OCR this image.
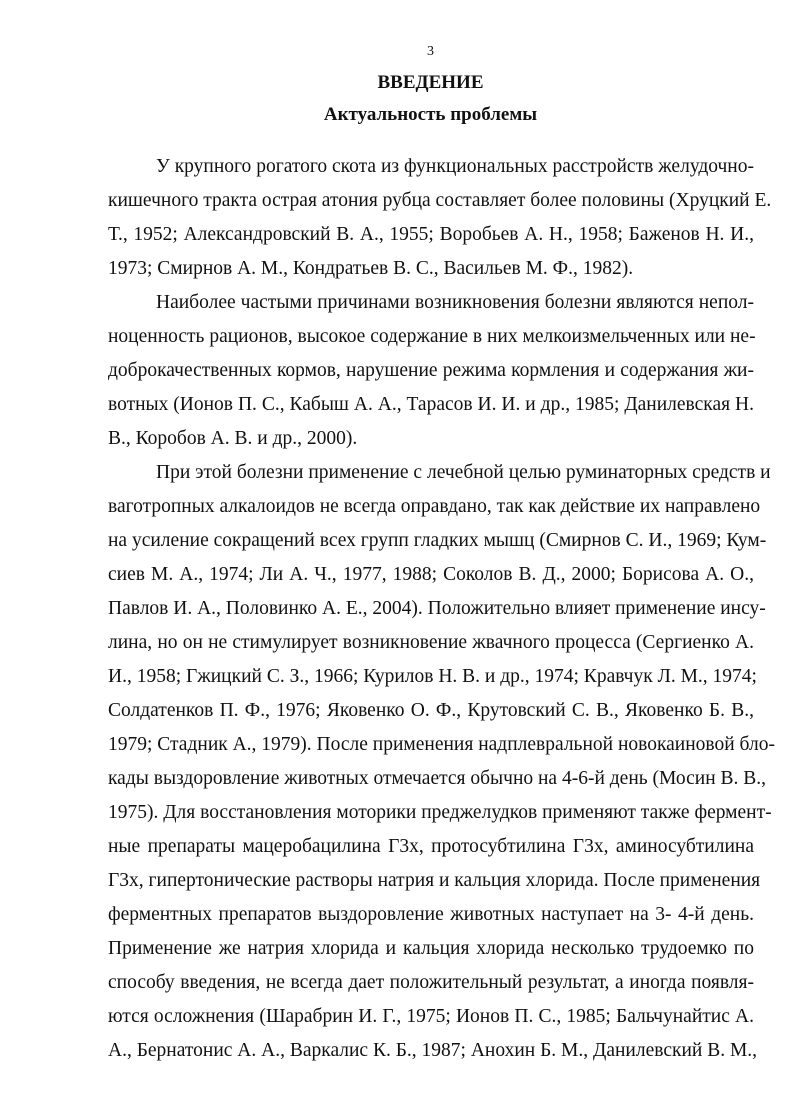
3
ВВЕДЕНИЕ
Актуальность проблемы
У крупного рогатого скота из функциональных расстройств желудочно-
кишечного тракта острая атония рубца составляет более половины (Хруцкий Е.
Т., 1952; Александровский В. А., 1955; Воробьев А. Н., 1958; Баженов Н. И.,
1973; Смирнов А. М., Кондратьев В. С., Васильев М. Ф., 1982).
Наиболее частыми причинами возникновения болезни являются непол-
ноценность рационов, высокое содержание в них мелкоизмельченных или не-
доброкачественных кормов, нарушение режима кормления и содержания жи-
вотных (Ионов П. С., Кабыш А. А., Тарасов И. И. и др., 1985; Данилевская Н.
В., Коробов А. В. и др., 2000).
При этой болезни применение с лечебной целью руминаторных средств и
ваготропных алкалоидов не всегда оправдано, так как действие их направлено
на усиление сокращений всех групп гладких мышц (Смирнов С. И., 1969; Кум-
сиев М. А., 1974; Ли А. Ч., 1977, 1988; Соколов В. Д., 2000; Борисова А. О.,
Павлов И. А., Половинко А. Е., 2004). Положительно влияет применение инсу-
лина, но он не стимулирует возникновение жвачного процесса (Сергиенко А.
И., 1958; Гжицкий С. З., 1966; Курилов Н. В. и др., 1974; Кравчук Л. М., 1974;
Солдатенков П. Ф., 1976; Яковенко О. Ф., Крутовский С. В., Яковенко Б. В.,
1979; Стадник А., 1979). После применения надплевральной новокаиновой бло-
кады выздоровление животных отмечается обычно на 4-6-й день (Мосин В. В.,
1975). Для восстановления моторики преджелудков применяют также фермент-
ные препараты мацеробацилина Г3х, протосубтилина Г3х, аминосубтилина
Г3х, гипертонические растворы натрия и кальция хлорида. После применения
ферментных препаратов выздоровление животных наступает на 3- 4-й день.
Применение же натрия хлорида и кальция хлорида несколько трудоемко по
способу введения, не всегда дает положительный результат, а иногда появля-
ются осложнения (Шарабрин И. Г., 1975; Ионов П. С., 1985; Бальчунайтис А.
А., Бернатонис А. А., Варкалис К. Б., 1987; Анохин Б. М., Данилевский В. М.,
